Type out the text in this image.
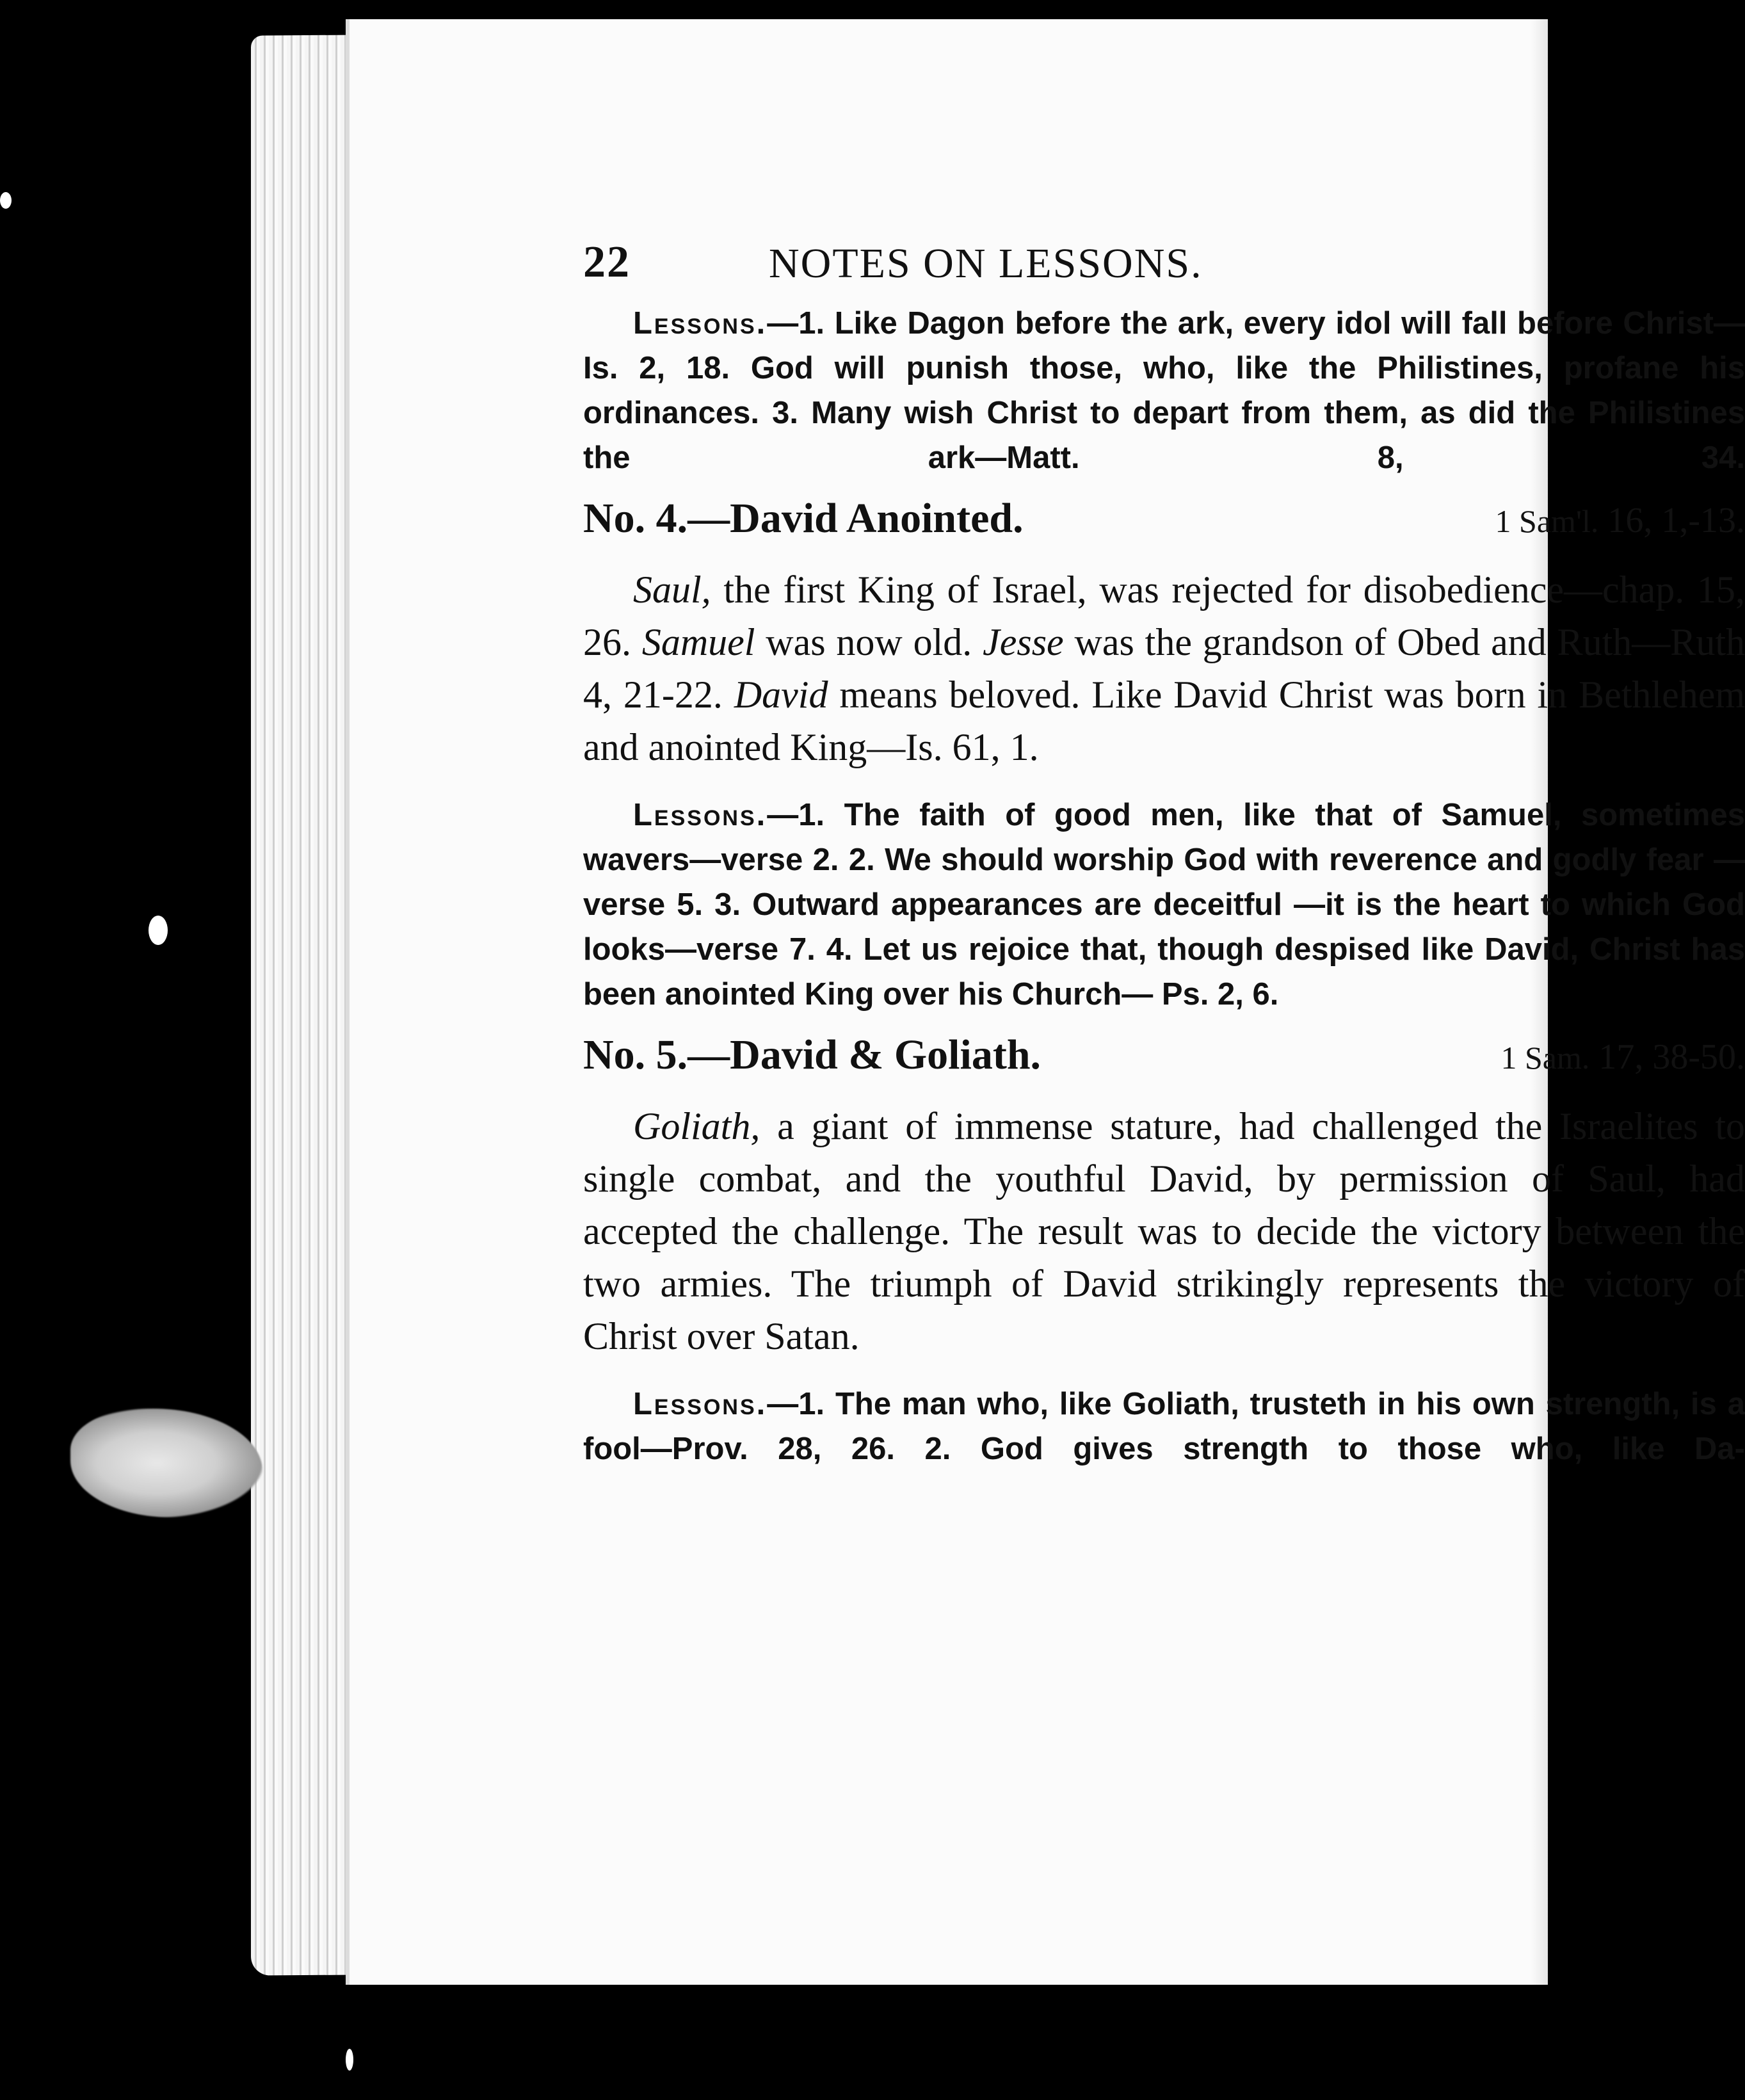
22	NOTES ON LESSONS.

Lessons.—1. Like Dagon before the ark, every idol will fall before Christ—Is. 2, 18. God will punish those, who, like the Philistines, profane his ordinances. 3. Many wish Christ to depart from them, as did the Philistines the ark—Matt. 8, 34.

No. 4.—David Anointed.	1 Sam'l. 16, 1,-13.

Saul, the first King of Israel, was rejected for disobedience—chap. 15, 26. Samuel was now old. Jesse was the grandson of Obed and Ruth—Ruth 4, 21-22. David means beloved. Like David Christ was born in Bethlehem and anointed King—Is. 61, 1.

Lessons.—1. The faith of good men, like that of Samuel, sometimes wavers—verse 2. 2. We should worship God with reverence and godly fear —verse 5. 3. Outward appearances are deceitful —it is the heart to which God looks—verse 7. 4. Let us rejoice that, though despised like David, Christ has been anointed King over his Church— Ps. 2, 6.

No. 5.—David & Goliath.	1 Sam. 17, 38-50.

Goliath, a giant of immense stature, had challenged the Israelites to single combat, and the youthful David, by permission of Saul, had accepted the challenge. The result was to decide the victory between the two armies. The triumph of David strikingly represents the victory of Christ over Satan.

Lessons.—1. The man who, like Goliath, trusteth in his own strength, is a fool—Prov. 28, 26. 2. God gives strength to those who, like Da-
